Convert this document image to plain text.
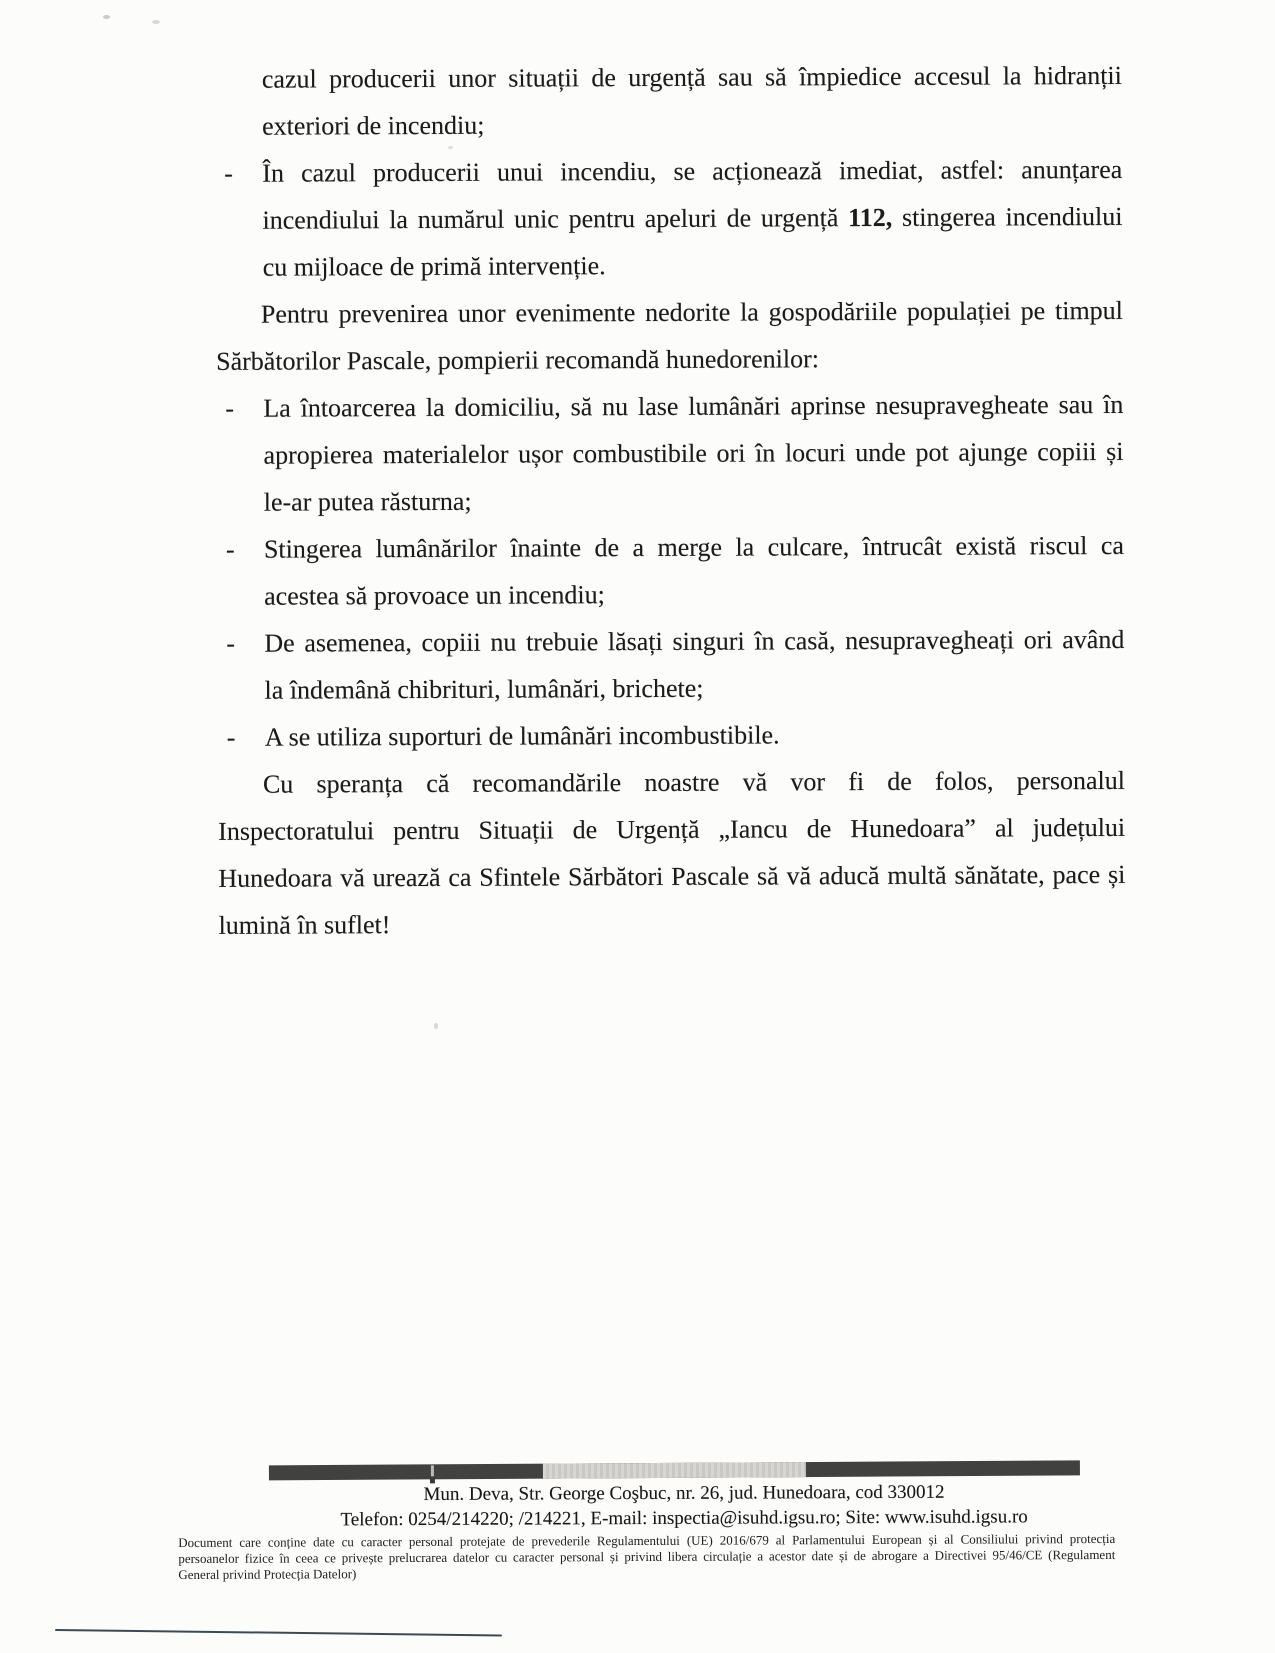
cazul producerii unor situații de urgență sau să împiedice accesul la hidranții
exteriori de incendiu;
- În cazul producerii unui incendiu, se acționează imediat, astfel: anunțarea
incendiului la numărul unic pentru apeluri de urgență 112, stingerea incendiului
cu mijloace de primă intervenție.
Pentru prevenirea unor evenimente nedorite la gospodăriile populației pe timpul
Sărbătorilor Pascale, pompierii recomandă hunedorenilor:
- La întoarcerea la domiciliu, să nu lase lumânări aprinse nesupravegheate sau în
apropierea materialelor ușor combustibile ori în locuri unde pot ajunge copiii și
le-ar putea răsturna;
- Stingerea lumânărilor înainte de a merge la culcare, întrucât există riscul ca
acestea să provoace un incendiu;
- De asemenea, copiii nu trebuie lăsați singuri în casă, nesupravegheați ori având
la îndemână chibrituri, lumânări, brichete;
- A se utiliza suporturi de lumânări incombustibile.
Cu speranța că recomandările noastre vă vor fi de folos, personalul
Inspectoratului pentru Situații de Urgență „Iancu de Hunedoara” al județului
Hunedoara vă urează ca Sfintele Sărbători Pascale să vă aducă multă sănătate, pace și
lumină în suflet!
Mun. Deva, Str. George Coşbuc, nr. 26, jud. Hunedoara, cod 330012
Telefon: 0254/214220; /214221, E-mail: inspectia@isuhd.igsu.ro; Site: www.isuhd.igsu.ro
Document care conține date cu caracter personal protejate de prevederile Regulamentului (UE) 2016/679 al Parlamentului European și al Consiliului privind protecția
persoanelor fizice în ceea ce privește prelucrarea datelor cu caracter personal și privind libera circulație a acestor date și de abrogare a Directivei 95/46/CE (Regulament
General privind Protecția Datelor)
